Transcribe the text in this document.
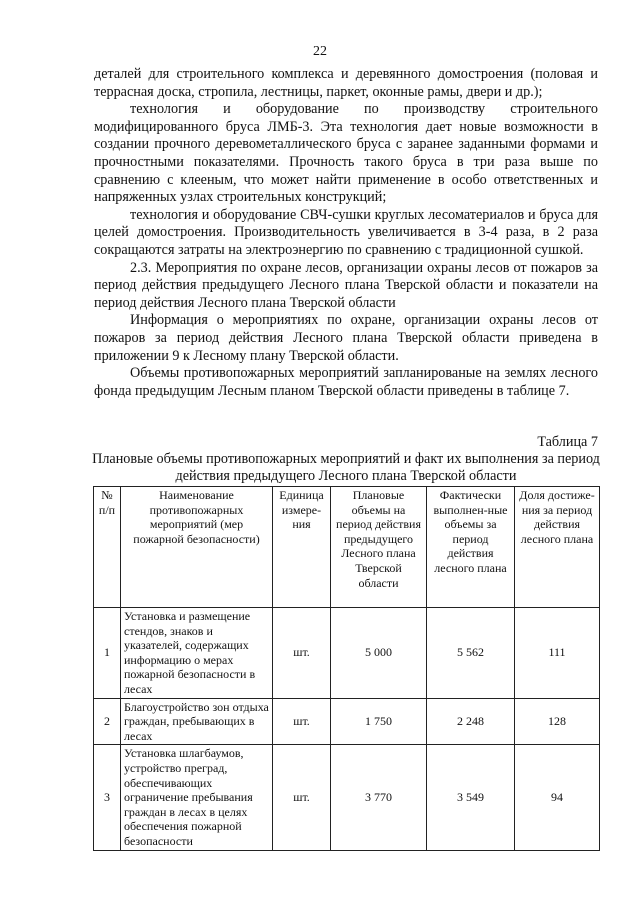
22

деталей для строительного комплекса и деревянного домостроения (половая и террасная доска, стропила, лестницы, паркет, оконные рамы, двери и др.);

технология и оборудование по производству строительного модифицированного бруса ЛМБ-3. Эта технология дает новые возможности в создании прочного деревометаллического бруса с заранее заданными формами и прочностными показателями. Прочность такого бруса в три раза выше по сравнению с клееным, что может найти применение в особо ответственных и напряженных узлах строительных конструкций;

технология и оборудование СВЧ-сушки круглых лесоматериалов и бруса для целей домостроения. Производительность увеличивается в 3-4 раза, в 2 раза сокращаются затраты на электроэнергию по сравнению с традиционной сушкой.

2.3. Мероприятия по охране лесов, организации охраны лесов от пожаров за период действия предыдущего Лесного плана Тверской области и показатели на период действия Лесного плана Тверской области

Информация о мероприятиях по охране, организации охраны лесов от пожаров за период действия Лесного плана Тверской области приведена в приложении 9 к Лесному плану Тверской области.

Объемы противопожарных мероприятий запланированые на землях лесного фонда предыдущим Лесным планом Тверской области приведены в таблице 7.

Таблица 7
Плановые объемы противопожарных мероприятий и факт их выполнения за период действия предыдущего Лесного плана Тверской области
№ п/п	Наименование противопожарных мероприятий (мер пожарной безопасности)	Единица измере-ния	Плановые объемы на период действия предыдущего Лесного плана Тверской области	Фактически выполнен-ные объемы за период действия лесного плана	Доля достиже-ния за период действия лесного плана
1	Установка и размещение стендов, знаков и указателей, содержащих информацию о мерах пожарной безопасности в лесах	шт.	5 000	5 562	111
2	Благоустройство зон отдыха граждан, пребывающих в лесах	шт.	1 750	2 248	128
3	Установка шлагбаумов, устройство преград, обеспечивающих ограничение пребывания граждан в лесах в целях обеспечения пожарной безопасности	шт.	3 770	3 549	94
